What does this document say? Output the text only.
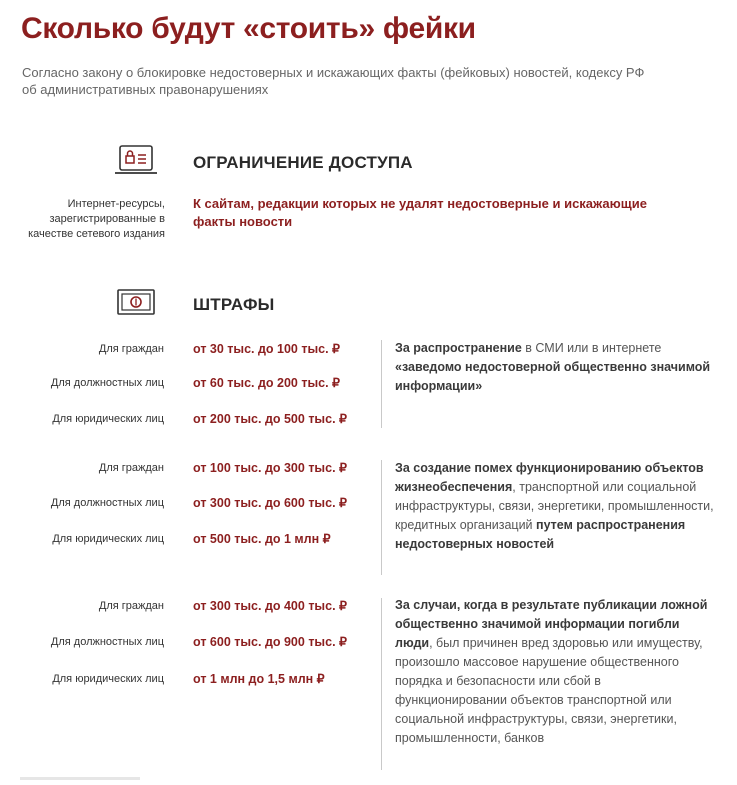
Сколько будут «стоить» фейки
Согласно закону о блокировке недостоверных и искажающих факты (фейковых) новостей, кодексу РФ об административных правонарушениях
ОГРАНИЧЕНИЕ ДОСТУПА
Интернет-ресурсы, зарегистрированные в качестве сетевого издания
К сайтам, редакции которых не удалят недостоверные и искажающие факты новости
ШТРАФЫ
Для граждан от 30 тыс. до 100 тыс. ₽
Для должностных лиц от 60 тыс. до 200 тыс. ₽
Для юридических лиц от 200 тыс. до 500 тыс. ₽
За распространение в СМИ или в интернете «заведомо недостоверной общественно значимой информации»
Для граждан от 100 тыс. до 300 тыс. ₽
Для должностных лиц от 300 тыс. до 600 тыс. ₽
Для юридических лиц от 500 тыс. до 1 млн ₽
За создание помех функционированию объектов жизнеобеспечения, транспортной или социальной инфраструктуры, связи, энергетики, промышленности, кредитных организаций путем распространения недостоверных новостей
Для граждан от 300 тыс. до 400 тыс. ₽
Для должностных лиц от 600 тыс. до 900 тыс. ₽
Для юридических лиц от 1 млн до 1,5 млн ₽
За случаи, когда в результате публикации ложной общественно значимой информации погибли люди, был причинен вред здоровью или имуществу, произошло массовое нарушение общественного порядка и безопасности или сбой в функционировании объектов транспортной или социальной инфраструктуры, связи, энергетики, промышленности, банков
